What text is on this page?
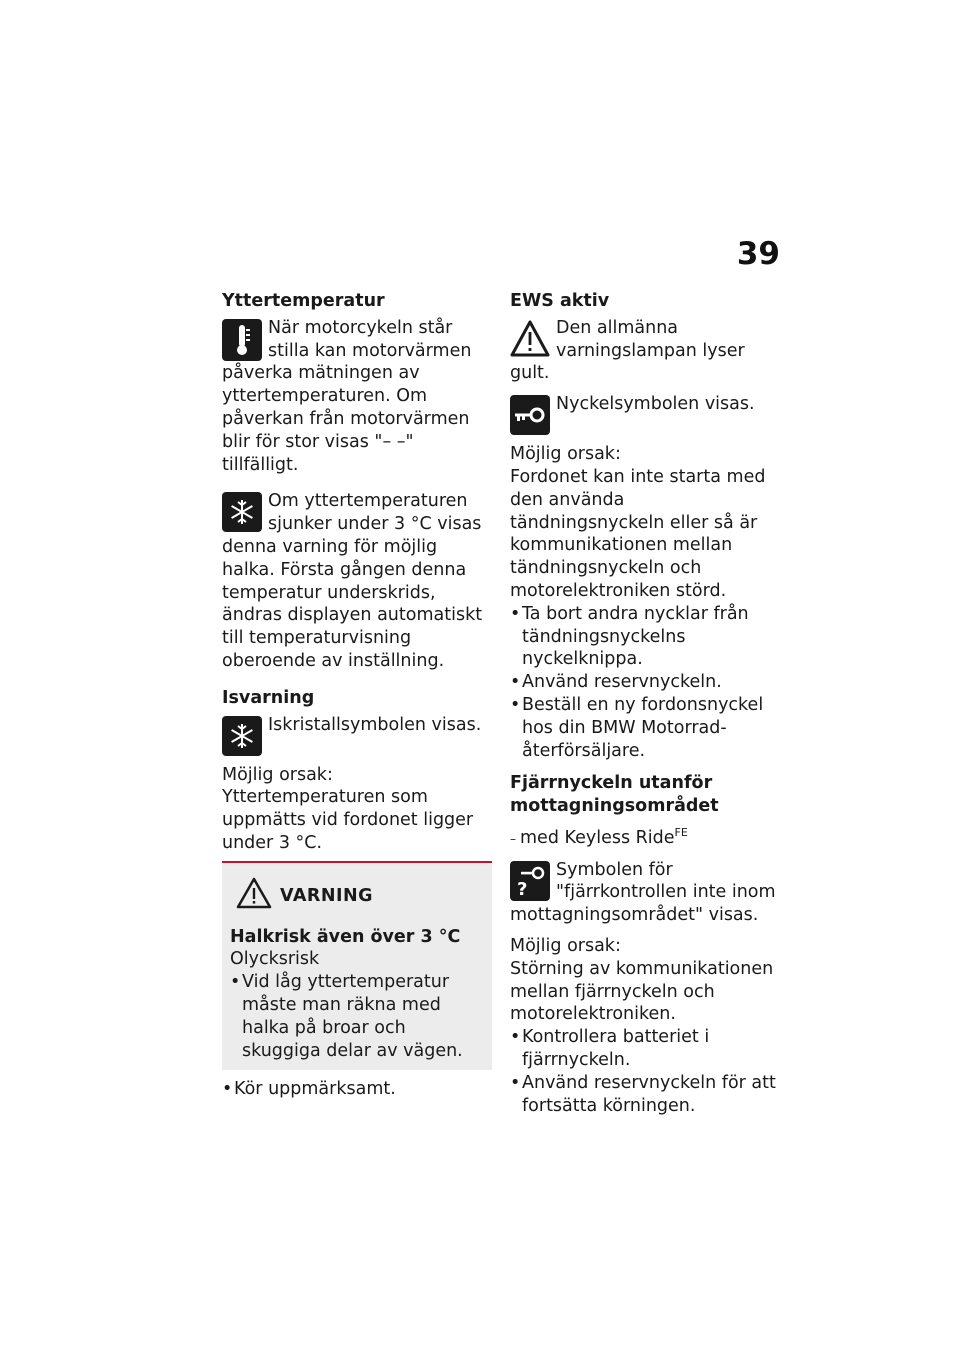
39
Yttertemperatur

När motorcykeln står stilla kan motorvärmen påverka mätningen av yttertemperaturen. Om påverkan från motorvärmen blir för stor visas "– –" tillfälligt.

Om yttertemperaturen sjunker under 3 °C visas denna varning för möjlig halka. Första gången denna temperatur underskrids, ändras displayen automatiskt till temperaturvisning oberoende av inställning.

Isvarning

Iskristallsymbolen visas.

Möjlig orsak:

Yttertemperaturen som uppmätts vid fordonet ligger under 3 °C.

VARNING

Halkrisk även över 3 °C

Olycksrisk

• Vid låg yttertemperatur måste man räkna med halka på broar och skuggiga delar av vägen.
• Kör uppmärksamt.
EWS aktiv

Den allmänna varningslampan lyser gult.

Nyckelsymbolen visas.

Möjlig orsak:

Fordonet kan inte starta med den använda tändningsnyckeln eller så är kommunikationen mellan tändningsnyckeln och motorelektroniken störd.

• Ta bort andra nycklar från tändningsnyckelns nyckelknippa.
• Använd reservnyckeln.
• Beställ en ny fordonsnyckel hos din BMW Motorrad-återförsäljare.
Fjärrnyckeln utanför mottagningsområdet

– med Keyless Ride$^{FE}$

?

Symbolen för "fjärrkontrollen inte inom mottagningsområdet" visas.

Möjlig orsak:

Störning av kommunikationen mellan fjärrnyckeln och motorelektroniken.

• Kontrollera batteriet i fjärrnyckeln.
• Använd reservnyckeln för att fortsätta körningen.
